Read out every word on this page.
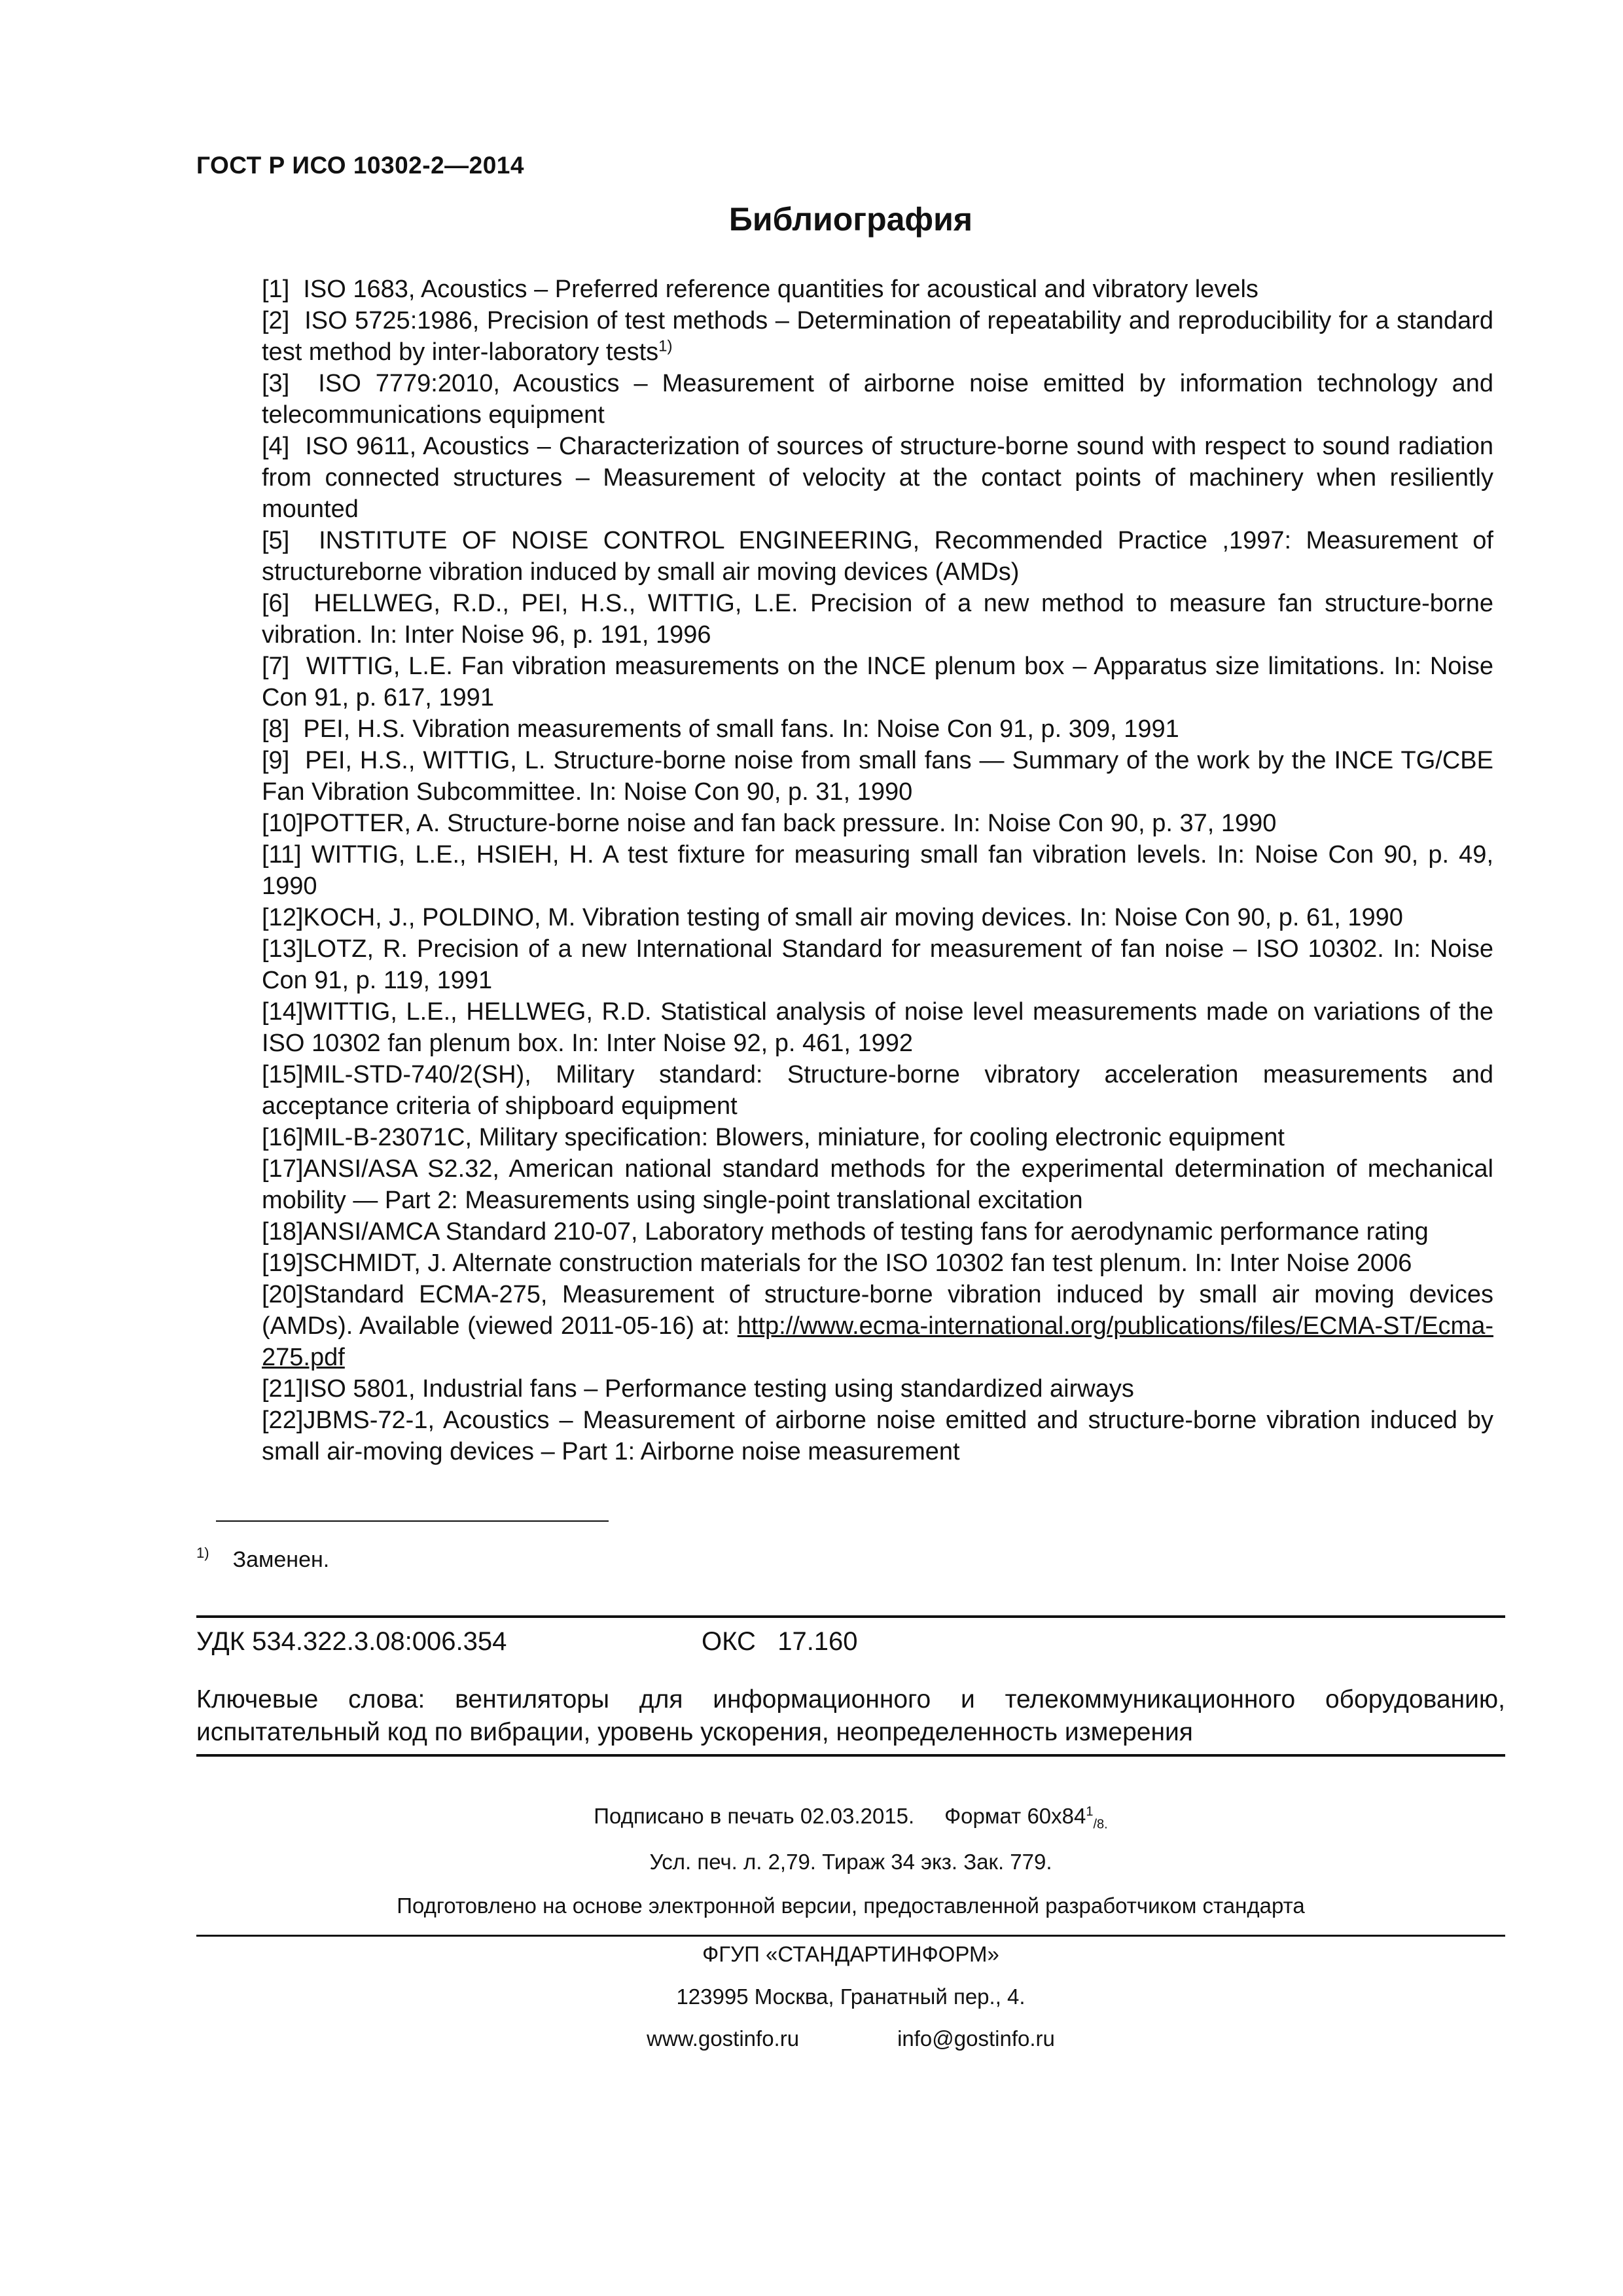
ГОСТ Р ИСО 10302-2—2014
Библиография
[1]  ISO 1683, Acoustics – Preferred reference quantities for acoustical and vibratory levels
[2]  ISO 5725:1986, Precision of test methods – Determination of repeatability and reproducibility for a standard test method by inter-laboratory tests$^{1)}$
[3]  ISO 7779:2010, Acoustics – Measurement of airborne noise emitted by information technology and telecommunications equipment
[4]  ISO 9611, Acoustics – Characterization of sources of structure-borne sound with respect to sound radiation from connected structures – Measurement of velocity at the contact points of machinery when resiliently mounted
[5]  INSTITUTE OF NOISE CONTROL ENGINEERING, Recommended Practice ,1997: Measurement of structureborne vibration induced by small air moving devices (AMDs)
[6]  HELLWEG, R.D., PEI, H.S., WITTIG, L.E. Precision of a new method to measure fan structure-borne vibration. In: Inter Noise 96, p. 191, 1996
[7]  WITTIG, L.E. Fan vibration measurements on the INCE plenum box – Apparatus size limitations. In: Noise Con 91, p. 617, 1991
[8]  PEI, H.S. Vibration measurements of small fans. In: Noise Con 91, p. 309, 1991
[9]  PEI, H.S., WITTIG, L. Structure-borne noise from small fans — Summary of the work by the INCE TG/CBE Fan Vibration Subcommittee. In: Noise Con 90, p. 31, 1990
[10]POTTER, A. Structure-borne noise and fan back pressure. In: Noise Con 90, p. 37, 1990
[11] WITTIG, L.E., HSIEH, H. A test fixture for measuring small fan vibration levels. In: Noise Con 90, p. 49, 1990
[12]KOCH, J., POLDINO, M. Vibration testing of small air moving devices. In: Noise Con 90, p. 61, 1990
[13]LOTZ, R. Precision of a new International Standard for measurement of fan noise – ISO 10302. In: Noise Con 91, p. 119, 1991
[14]WITTIG, L.E., HELLWEG, R.D. Statistical analysis of noise level measurements made on variations of the ISO 10302 fan plenum box. In: Inter Noise 92, p. 461, 1992
[15]MIL-STD-740/2(SH), Military standard: Structure-borne vibratory acceleration measurements and acceptance criteria of shipboard equipment
[16]MIL-B-23071C, Military specification: Blowers, miniature, for cooling electronic equipment
[17]ANSI/ASA S2.32, American national standard methods for the experimental determination of mechanical mobility — Part 2: Measurements using single-point translational excitation
[18]ANSI/AMCA Standard 210-07, Laboratory methods of testing fans for aerodynamic performance rating
[19]SCHMIDT, J. Alternate construction materials for the ISO 10302 fan test plenum. In: Inter Noise 2006
[20]Standard ECMA-275, Measurement of structure-borne vibration induced by small air moving devices (AMDs). Available (viewed 2011-05-16) at: http://www.ecma-international.org/publications/files/ECMA-ST/Ecma-275.pdf
[21]ISO 5801, Industrial fans – Performance testing using standardized airways
[22]JBMS-72-1, Acoustics – Measurement of airborne noise emitted and structure-borne vibration induced by small air-moving devices – Part 1: Airborne noise measurement
$^{1)}$ Заменен.
УДК 534.322.3.08:006.354	ОКС 17.160
Ключевые слова: вентиляторы для информационного и телекоммуникационного оборудованию, испытательный код по вибрации, уровень ускорения, неопределенность измерения
Подписано в печать 02.03.2015. Формат $60x84^1_{/8.}$
Усл. печ. л. 2,79. Тираж 34 экз. Зак. 779.
Подготовлено на основе электронной версии, предоставленной разработчиком стандарта
ФГУП «СТАНДАРТИНФОРМ»
123995 Москва, Гранатный пер., 4.
www.gostinfo.ru	info@gostinfo.ru
